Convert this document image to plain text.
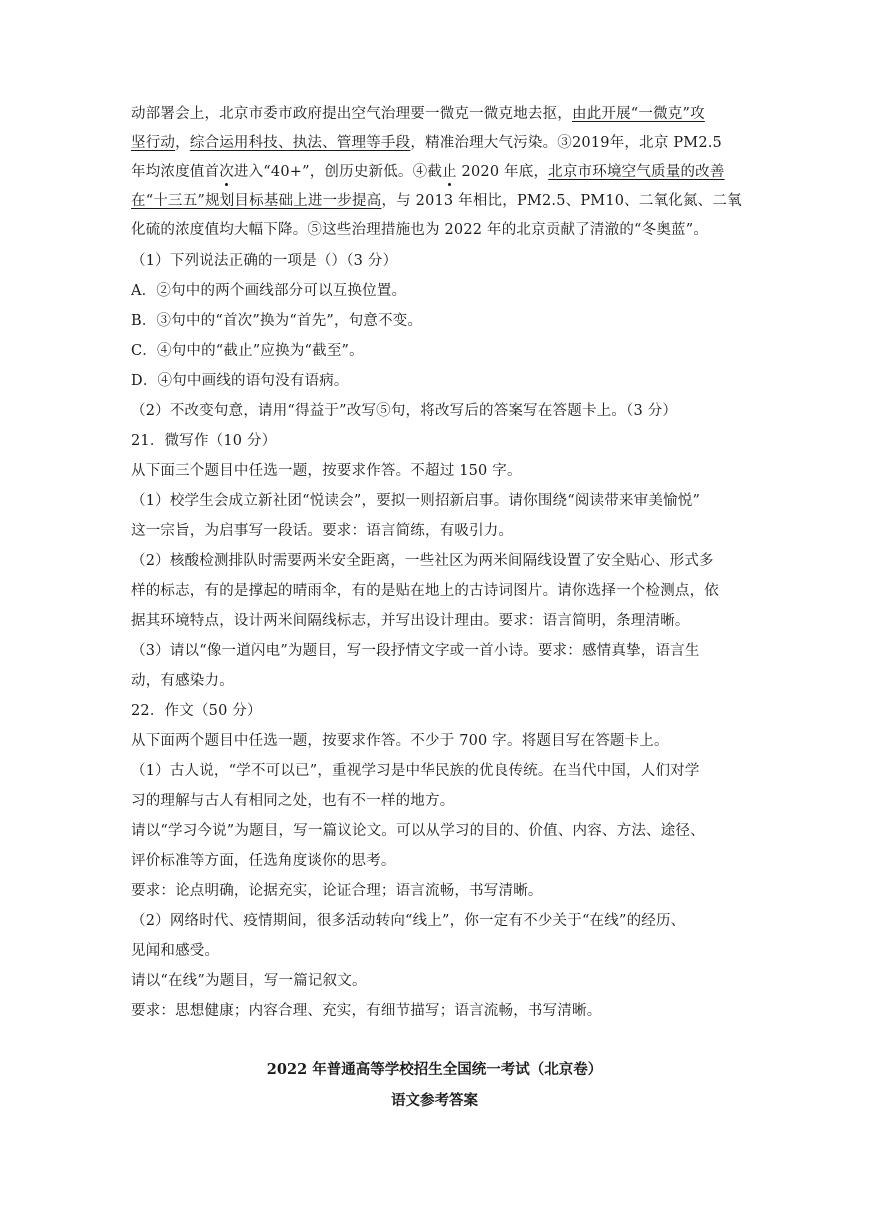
动部署会上，北京市委市政府提出空气治理要一微克一微克地去抠，由此开展“一微克”攻
坚行动，综合运用科技、执法、管理等手段，精准治理大气污染。③2019年，北京 PM2.5
年均浓度值首次进入“40+”，创历史新低。④截止 2020 年底，北京市环境空气质量的改善
在“十三五”规划目标基础上进一步提高，与 2013 年相比，PM2.5、PM10、二氧化氮、二氧
化硫的浓度值均大幅下降。⑤这些治理措施也为 2022 年的北京贡献了清澈的“冬奥蓝”。
（1）下列说法正确的一项是（）（3 分）
A．②句中的两个画线部分可以互换位置。
B．③句中的“首次”换为“首先”，句意不变。
C．④句中的“截止”应换为“截至”。
D．④句中画线的语句没有语病。
（2）不改变句意，请用“得益于”改写⑤句，将改写后的答案写在答题卡上。（3 分）
21．微写作（10 分）
从下面三个题目中任选一题，按要求作答。不超过 150 字。
（1）校学生会成立新社团“悦读会”，要拟一则招新启事。请你围绕“阅读带来审美愉悦”
这一宗旨，为启事写一段话。要求：语言简练，有吸引力。
（2）核酸检测排队时需要两米安全距离，一些社区为两米间隔线设置了安全贴心、形式多
样的标志，有的是撑起的晴雨伞，有的是贴在地上的古诗词图片。请你选择一个检测点，依
据其环境特点，设计两米间隔线标志，并写出设计理由。要求：语言简明，条理清晰。
（3）请以“像一道闪电”为题目，写一段抒情文字或一首小诗。要求：感情真挚，语言生
动，有感染力。
22．作文（50 分）
从下面两个题目中任选一题，按要求作答。不少于 700 字。将题目写在答题卡上。
（1）古人说，“学不可以已”，重视学习是中华民族的优良传统。在当代中国，人们对学
习的理解与古人有相同之处，也有不一样的地方。
请以“学习今说”为题目，写一篇议论文。可以从学习的目的、价值、内容、方法、途径、
评价标准等方面，任选角度谈你的思考。
要求：论点明确，论据充实，论证合理；语言流畅，书写清晰。
（2）网络时代、疫情期间，很多活动转向“线上”，你一定有不少关于“在线”的经历、
见闻和感受。
请以“在线”为题目，写一篇记叙文。
要求：思想健康；内容合理、充实，有细节描写；语言流畅，书写清晰。
2022 年普通高等学校招生全国统一考试（北京卷）
语文参考答案
